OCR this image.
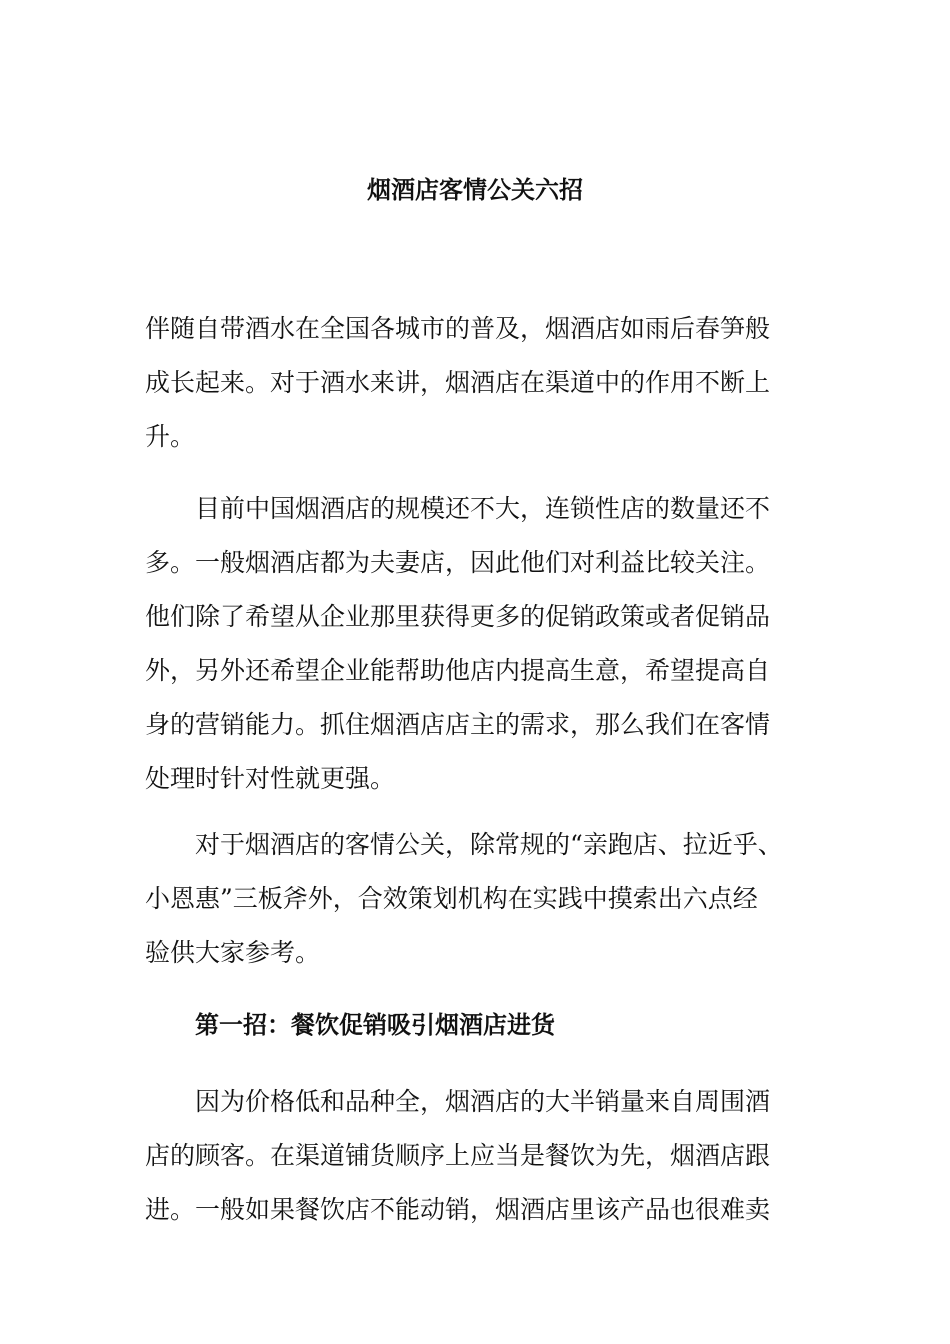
烟酒店客情公关六招
伴随自带酒水在全国各城市的普及，烟酒店如雨后春笋般
成长起来。对于酒水来讲，烟酒店在渠道中的作用不断上
升。
目前中国烟酒店的规模还不大，连锁性店的数量还不
多。一般烟酒店都为夫妻店，因此他们对利益比较关注。
他们除了希望从企业那里获得更多的促销政策或者促销品
外，另外还希望企业能帮助他店内提高生意，希望提高自
身的营销能力。抓住烟酒店店主的需求，那么我们在客情
处理时针对性就更强。
对于烟酒店的客情公关，除常规的“亲跑店、拉近乎、
小恩惠”三板斧外，合效策划机构在实践中摸索出六点经
验供大家参考。
第一招：餐饮促销吸引烟酒店进货
因为价格低和品种全，烟酒店的大半销量来自周围酒
店的顾客。在渠道铺货顺序上应当是餐饮为先，烟酒店跟
进。一般如果餐饮店不能动销，烟酒店里该产品也很难卖
